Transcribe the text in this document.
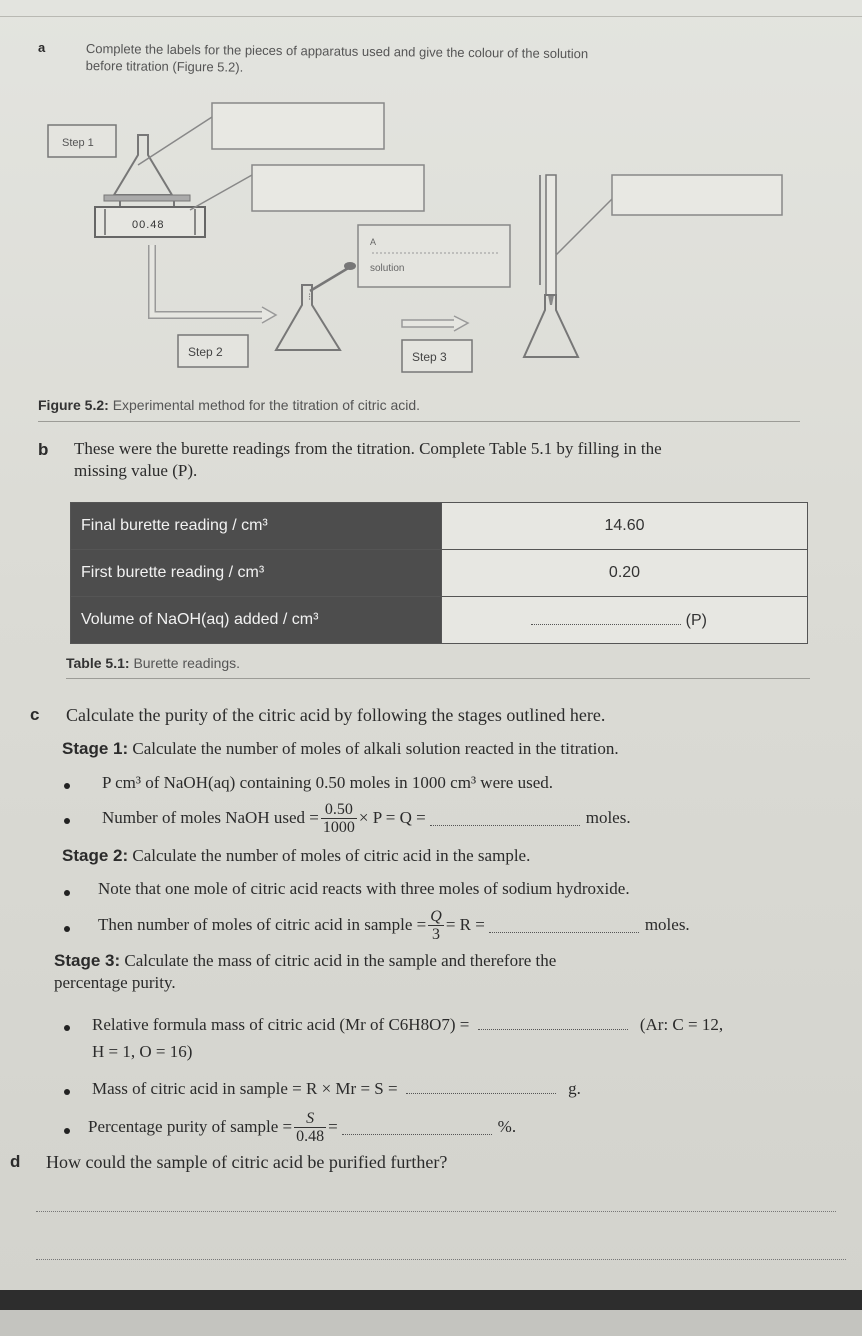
a	Complete the labels for the pieces of apparatus used and give the colour of the solution
before titration (Figure 5.2).
⁝
Step 1
00.48
Step 2	Step 3
A
solution
Figure 5.2: Experimental method for the titration of citric acid.
b These were the burette readings from the titration. Complete Table 5.1 by filling in the
missing value (P).
Final burette reading / cm³	14.60
First burette reading / cm³	0.20
Volume of NaOH(aq) added / cm³	(P)
Table 5.1: Burette readings.
c Calculate the purity of the citric acid by following the stages outlined here.
Stage 1: Calculate the number of moles of alkali solution reacted in the titration.
P cm³ of NaOH(aq) containing 0.50 moles in 1000 cm³ were used.
Number of moles NaOH used = $\frac{0.50}{1000} \times P = Q$ =	moles.
Stage 2: Calculate the number of moles of citric acid in the sample.
Note that one mole of citric acid reacts with three moles of sodium hydroxide.
Then number of moles of citric acid in sample = $\frac{Q}{3} = R$ =	moles.
Stage 3: Calculate the mass of citric acid in the sample and therefore the
percentage purity.
Relative formula mass of citric acid (Mr of C6H8O7) =	(Ar: C = 12,
H = 1, O = 16)
Mass of citric acid in sample = R × Mr = S =	g.
Percentage purity of sample = $\frac{S}{0.48}$ =	%.
d How could the sample of citric acid be purified further?
